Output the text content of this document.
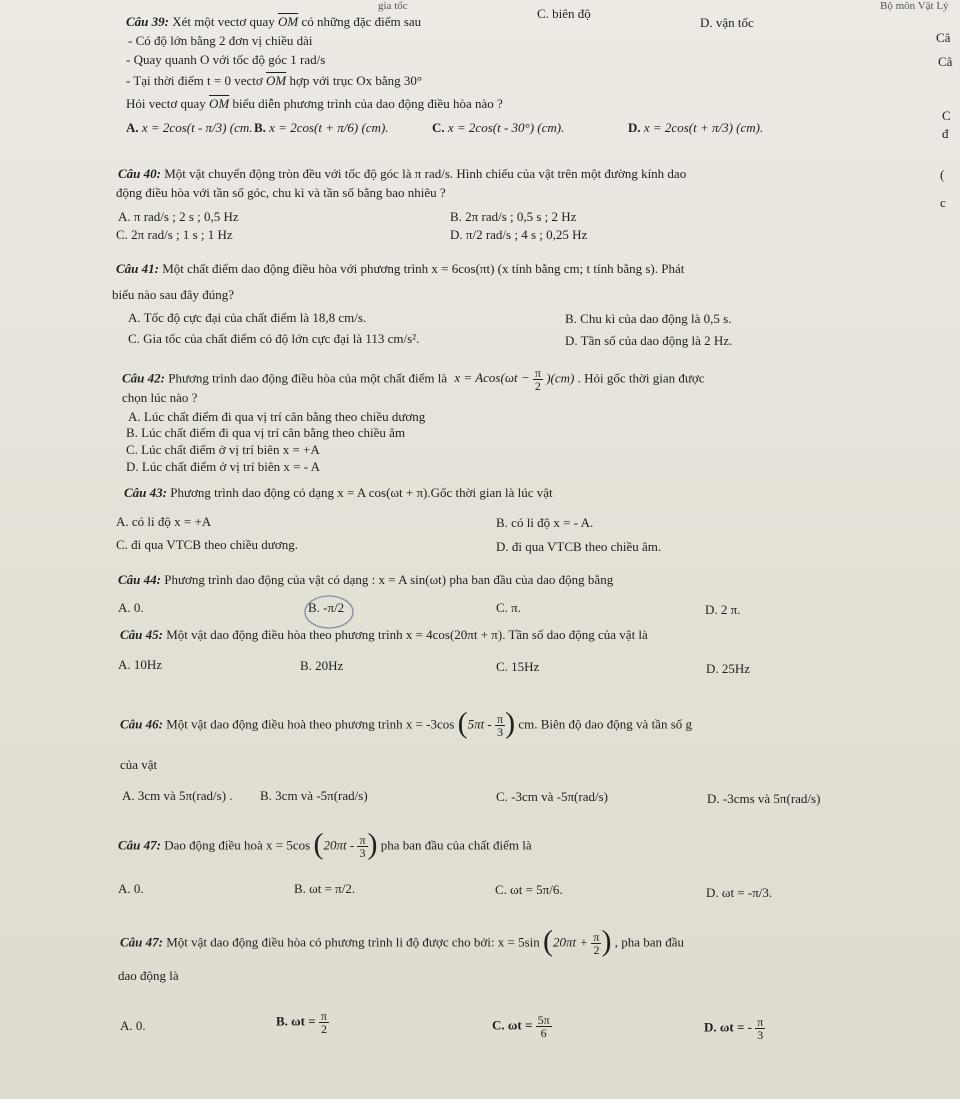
gia tốc	Bộ môn Vật Lý
C. biên độ
D. vận tốc
Câ
Câ
C
đ
(
c
Câu 39: Xét một vectơ quay $\overline{OM}$ có những đặc điểm sau
- Có độ lớn bằng 2 đơn vị chiều dài
- Quay quanh O với tốc độ góc 1 rad/s
- Tại thời điểm t = 0 vectơ $\overline{OM}$ hợp với trục Ox bằng 30°
Hỏi vectơ quay $\overline{OM}$ biểu diễn phương trình của dao động điều hòa nào ?
A. x = 2cos(t - π/3) (cm. B. x = 2cos(t + π/6) (cm).	C. x = 2cos(t - 30°) (cm).	D. x = 2cos(t + π/3) (cm).
Câu 40: Một vật chuyển động tròn đều với tốc độ góc là π rad/s. Hình chiếu của vật trên một đường kính dao
động điều hòa với tần số góc, chu kì và tần số bằng bao nhiêu ?
A. π rad/s ; 2 s ; 0,5 Hz	B. 2π rad/s ; 0,5 s ; 2 Hz
C. 2π rad/s ; 1 s ; 1 Hz	D. π/2 rad/s ; 4 s ; 0,25 Hz
Câu 41: Một chất điểm dao động điều hòa với phương trình x = 6cos(πt) (x tính bằng cm; t tính bằng s). Phát
biểu nào sau đây đúng?
A. Tốc độ cực đại của chất điểm là 18,8 cm/s.	B. Chu kì của dao động là 0,5 s.
C. Gia tốc của chất điểm có độ lớn cực đại là 113 cm/s².	D. Tần số của dao động là 2 Hz.
Câu 42: Phương trình dao động điều hòa của một chất điểm là $x = Acos(\omega t - \frac{\pi}{2} )(cm)$ . Hỏi gốc thời gian được
chọn lúc nào ?
A. Lúc chất điểm đi qua vị trí cân bằng theo chiều dương
B. Lúc chất điểm đi qua vị trí cân bằng theo chiều âm
C. Lúc chất điểm ở vị trí biên x = +A
D. Lúc chất điểm ở vị trí biên x = - A
Câu 43: Phương trình dao động có dạng x = A cos(ωt + π).Gốc thời gian là lúc vật
A. có li độ x = +A	B. có li độ x = - A.
C. đi qua VTCB theo chiều dương.	D. đi qua VTCB theo chiều âm.
Câu 44: Phương trình dao động của vật có dạng : x = A sin(ωt) pha ban đầu của dao động bằng
A. 0.	B. -π/2	C. π.	D. 2 π.
Câu 45: Một vật dao động điều hòa theo phương trình x = 4cos(20πt + π). Tần số dao động của vật là
A. 10Hz	B. 20Hz	C. 15Hz	D. 25Hz
Câu 46: Một vật dao động điều hoà theo phương trình x = -3cos ($5\pi t - \frac{\pi}{3}$ ) cm. Biên độ dao động và tần số g
của vật
A. 3cm và 5π(rad/s) . B. 3cm và -5π(rad/s)	C. -3cm và -5π(rad/s)	D. -3cms và 5π(rad/s)
Câu 47: Dao động điều hoà x = 5cos ($20\pi t - \frac{\pi}{3}$ ) pha ban đầu của chất điểm là
A. 0.	B. ωt = π/2.	C. ωt = 5π/6.	D. ωt = -π/3.
Câu 47: Một vật dao động điều hòa có phương trình li độ được cho bởi: x = 5sin ($20\pi t + \frac{\pi}{2}$ ) , pha ban đầu
dao động là
A. 0.	B. $\omega t = \frac{\pi}{2}$	C. $\omega t = \frac{5\pi}{6}$	D. ωt = - $\frac{\pi}{3}$
